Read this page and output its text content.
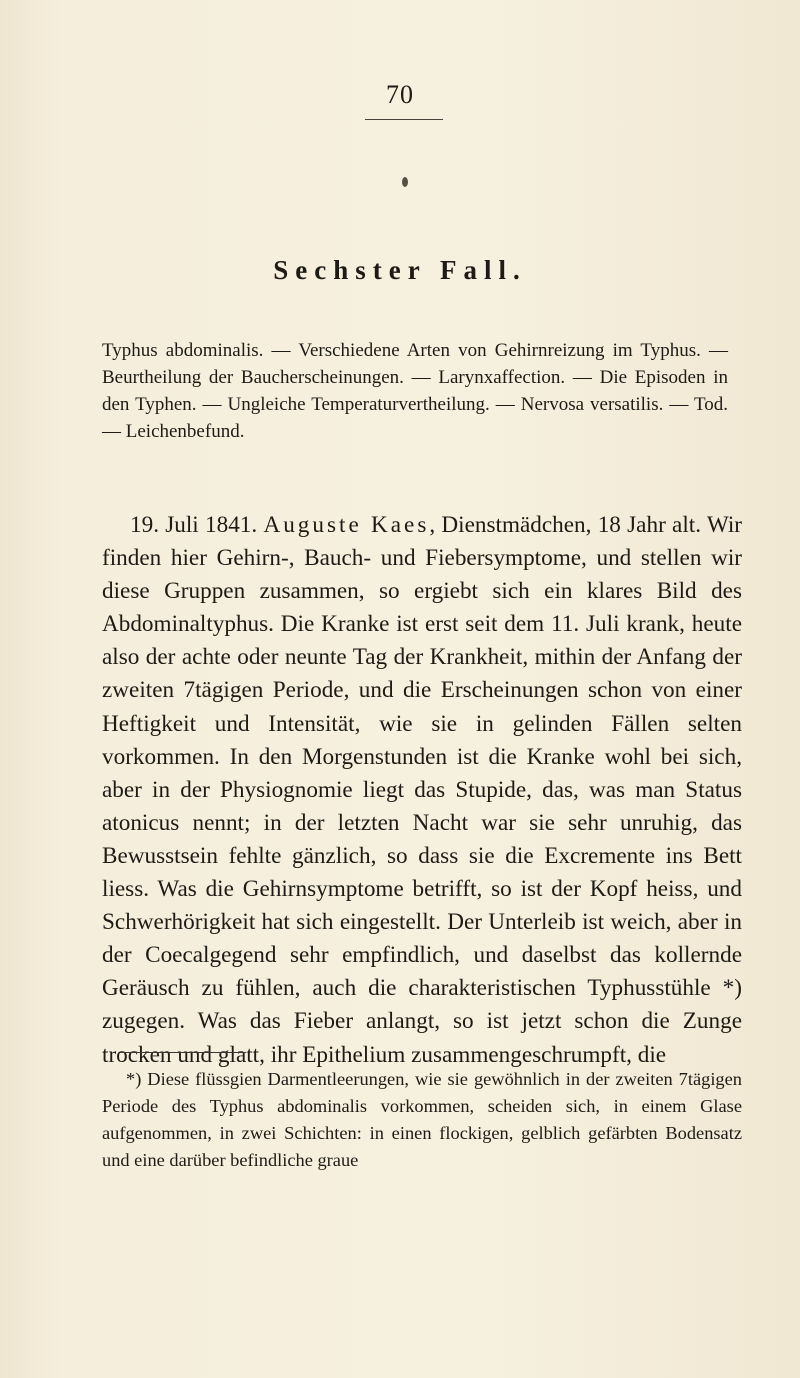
70
Sechster Fall.
Typhus abdominalis. — Verschiedene Arten von Gehirnreizung im Typhus. — Beurtheilung der Baucherscheinungen. — Larynxaffection. — Die Episoden in den Typhen. — Ungleiche Temperaturvertheilung. — Nervosa versatilis. — Tod. — Leichenbefund.

19. Juli 1841. Auguste Kaes, Dienstmädchen, 18 Jahr alt. Wir finden hier Gehirn-, Bauch- und Fiebersymptome, und stellen wir diese Gruppen zusammen, so ergiebt sich ein klares Bild des Abdominaltyphus. Die Kranke ist erst seit dem 11. Juli krank, heute also der achte oder neunte Tag der Krankheit, mithin der Anfang der zweiten 7tägigen Periode, und die Erscheinungen schon von einer Heftigkeit und Intensität, wie sie in gelinden Fällen selten vorkommen. In den Morgenstunden ist die Kranke wohl bei sich, aber in der Physiognomie liegt das Stupide, das, was man Status atonicus nennt; in der letzten Nacht war sie sehr unruhig, das Bewusstsein fehlte gänzlich, so dass sie die Excremente ins Bett liess. Was die Gehirnsymptome betrifft, so ist der Kopf heiss, und Schwerhörigkeit hat sich eingestellt. Der Unterleib ist weich, aber in der Coecalgegend sehr empfindlich, und daselbst das kollernde Geräusch zu fühlen, auch die charakteristischen Typhusstühle *) zugegen. Was das Fieber anlangt, so ist jetzt schon die Zunge trocken und glatt, ihr Epithelium zusammengeschrumpft, die

*) Diese flüssgien Darmentleerungen, wie sie gewöhnlich in der zweiten 7tägigen Periode des Typhus abdominalis vorkommen, scheiden sich, in einem Glase aufgenommen, in zwei Schichten: in einen flockigen, gelblich gefärbten Bodensatz und eine darüber befindliche graue
